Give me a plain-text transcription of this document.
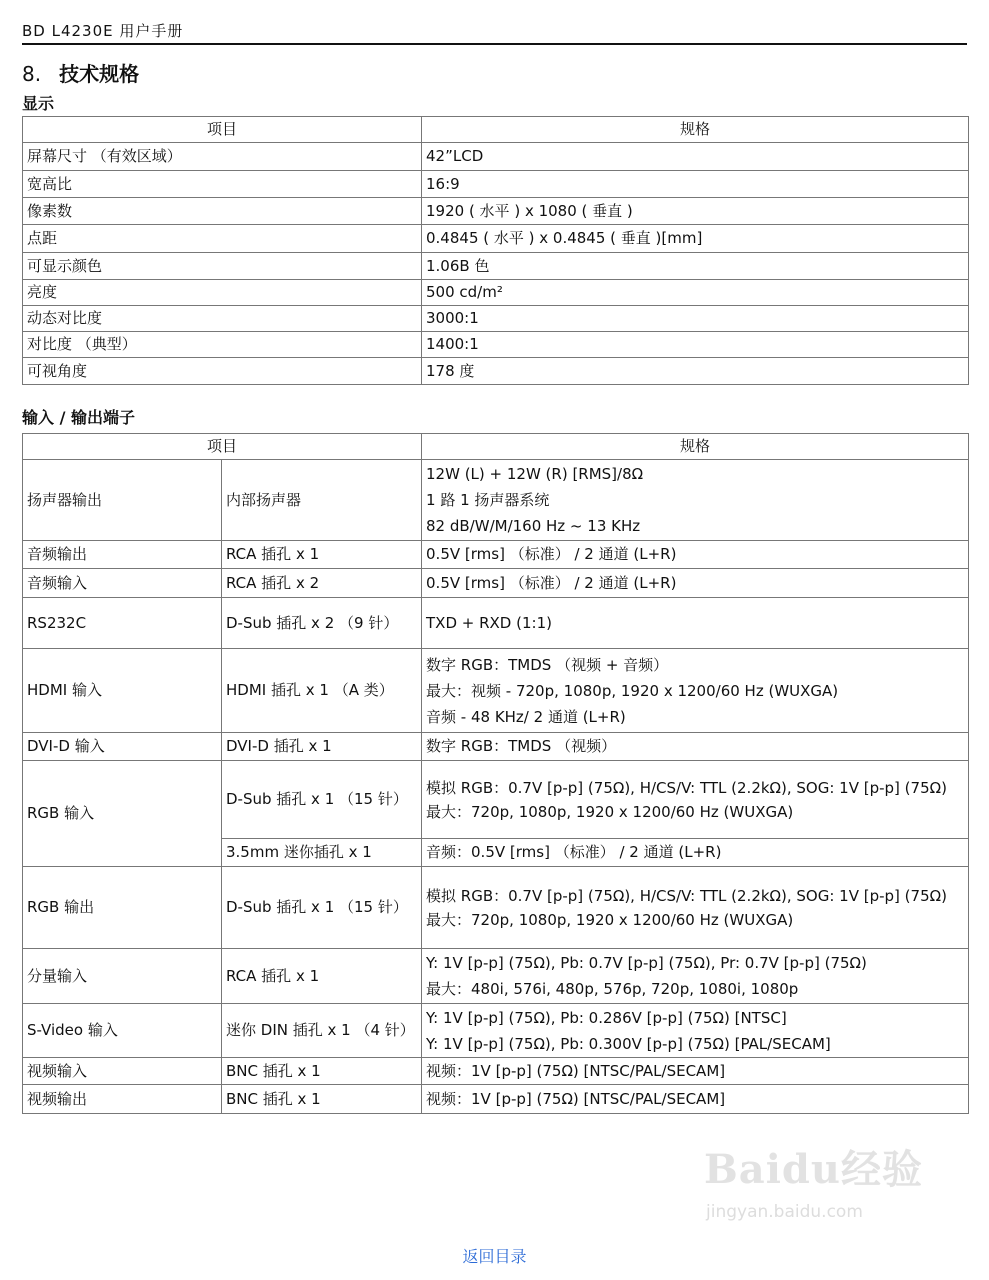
BD L4230E 用户手册
8. 技术规格
显示
项目	规格
屏幕尺寸 （有效区域）	42”LCD
宽高比	16:9
像素数	1920 ( 水平 ) x 1080 ( 垂直 )
点距	0.4845 ( 水平 ) x 0.4845 ( 垂直 )[mm]
可显示颜色	1.06B 色
亮度	500 cd/m²
动态对比度	3000:1
对比度 （典型）	1400:1
可视角度	178 度
输入 / 输出端子
项目		规格
扬声器输出	内部扬声器	12W (L) + 12W (R) [RMS]/8Ω
1 路 1 扬声器系统
82 dB/W/M/160 Hz ~ 13 KHz

音频输出	RCA 插孔 x 1	0.5V [rms] （标准） / 2 通道 (L+R)
音频输入	RCA 插孔 x 2	0.5V [rms] （标准） / 2 通道 (L+R)
RS232C	D-Sub 插孔 x 2 （9 针）	TXD + RXD (1:1)
HDMI 输入	HDMI 插孔 x 1 （A 类）	数字 RGB：TMDS （视频 + 音频）
最大：视频 - 720p, 1080p, 1920 x 1200/60 Hz (WUXGA)
音频 - 48 KHz/ 2 通道 (L+R)

DVI-D 输入	DVI-D 插孔 x 1	数字 RGB：TMDS （视频）
RGB 输入	D-Sub 插孔 x 1 （15 针）	模拟 RGB：0.7V [p-p] (75Ω), H/CS/V: TTL (2.2kΩ), SOG: 1V [p-p] (75Ω)
最大：720p, 1080p, 1920 x 1200/60 Hz (WUXGA)

	3.5mm 迷你插孔 x 1	音频：0.5V [rms] （标准） / 2 通道 (L+R)
RGB 输出	D-Sub 插孔 x 1 （15 针）	模拟 RGB：0.7V [p-p] (75Ω), H/CS/V: TTL (2.2kΩ), SOG: 1V [p-p] (75Ω)
最大：720p, 1080p, 1920 x 1200/60 Hz (WUXGA)

分量输入	RCA 插孔 x 1	Y: 1V [p-p] (75Ω), Pb: 0.7V [p-p] (75Ω), Pr: 0.7V [p-p] (75Ω)
最大：480i, 576i, 480p, 576p, 720p, 1080i, 1080p

S-Video 输入	迷你 DIN 插孔 x 1 （4 针）	Y: 1V [p-p] (75Ω), Pb: 0.286V [p-p] (75Ω) [NTSC]
Y: 1V [p-p] (75Ω), Pb: 0.300V [p-p] (75Ω) [PAL/SECAM]

视频输入	BNC 插孔 x 1	视频：1V [p-p] (75Ω) [NTSC/PAL/SECAM]
视频输出	BNC 插孔 x 1	视频：1V [p-p] (75Ω) [NTSC/PAL/SECAM]
Baidu经验
jingyan.baidu.com
返回目录
